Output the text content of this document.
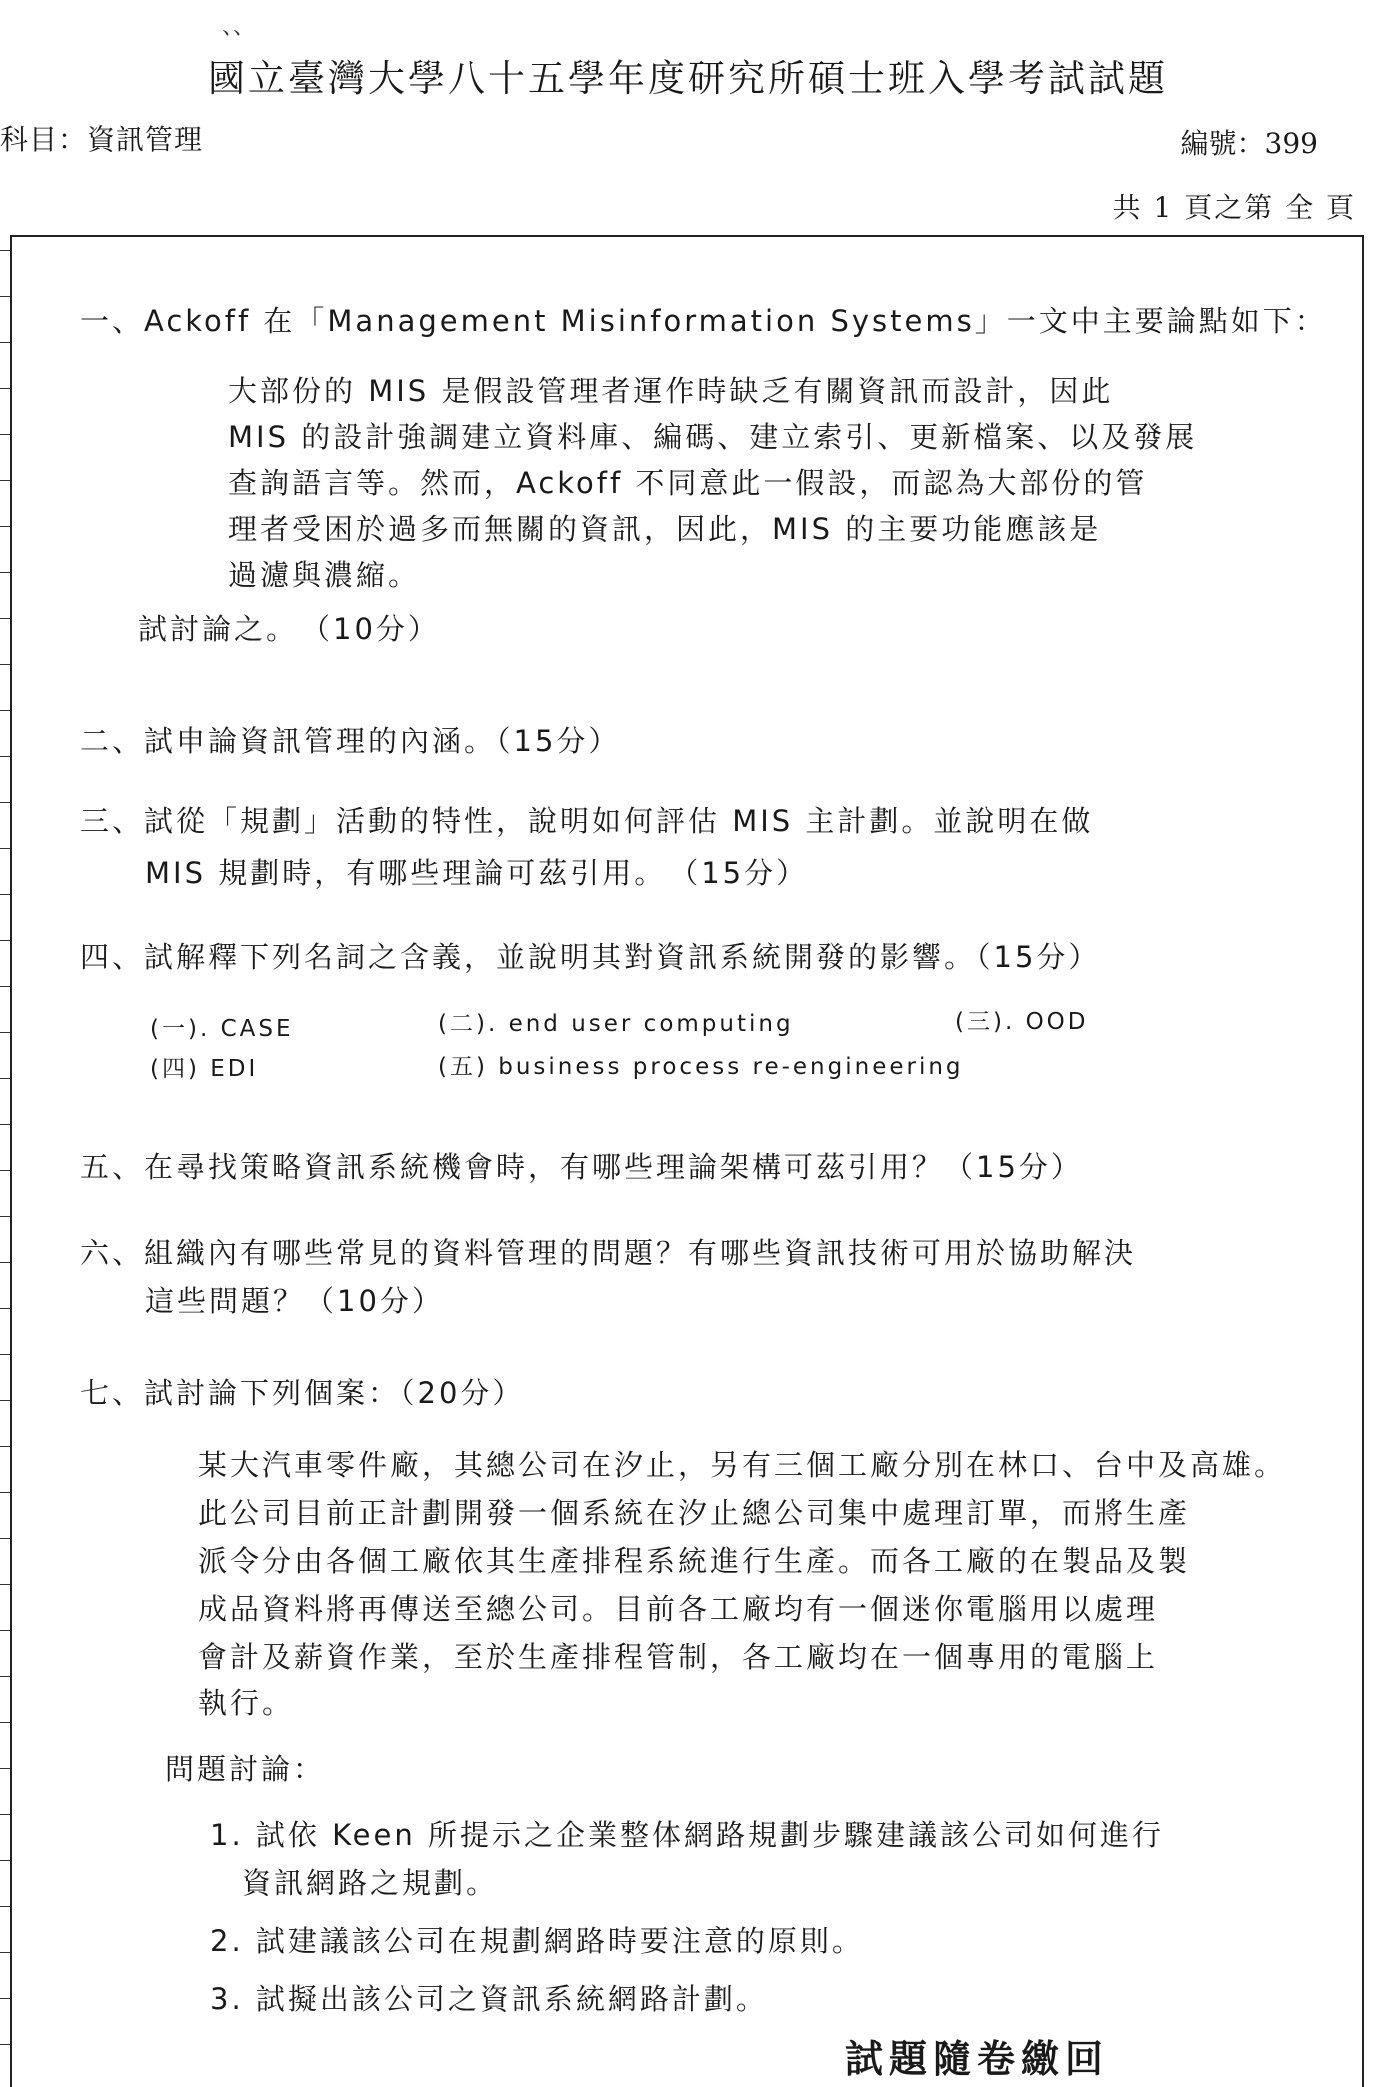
、、
國立臺灣大學八十五學年度研究所碩士班入學考試試題
科目：資訊管理	編號：399
共 1 頁之第 全 頁
一、Ackoff 在「Management Misinformation Systems」一文中主要論點如下：
大部份的 MIS 是假設管理者運作時缺乏有關資訊而設計，因此
MIS 的設計強調建立資料庫、編碼、建立索引、更新檔案、以及發展
查詢語言等。然而，Ackoff 不同意此一假設，而認為大部份的管
理者受困於過多而無關的資訊，因此，MIS 的主要功能應該是
過濾與濃縮。
試討論之。　（10分）
二、試申論資訊管理的內涵。（15分）
三、試從「規劃」活動的特性，說明如何評估 MIS 主計劃。並說明在做
MIS 規劃時，有哪些理論可茲引用。　（15分）
四、試解釋下列名詞之含義，並說明其對資訊系統開發的影響。（15分）
(一). CASE	(二). end user computing	(三). OOD
(四) EDI	(五) business process re-engineering
五、在尋找策略資訊系統機會時，有哪些理論架構可茲引用？（15分）
六、組織內有哪些常見的資料管理的問題？有哪些資訊技術可用於協助解決
這些問題？（10分）
七、試討論下列個案：（20分）
某大汽車零件廠，其總公司在汐止，另有三個工廠分別在林口、台中及高雄。
此公司目前正計劃開發一個系統在汐止總公司集中處理訂單，而將生產
派令分由各個工廠依其生產排程系統進行生產。而各工廠的在製品及製
成品資料將再傳送至總公司。目前各工廠均有一個迷你電腦用以處理
會計及薪資作業，至於生產排程管制，各工廠均在一個專用的電腦上
執行。
問題討論：
1. 試依 Keen 所提示之企業整体網路規劃步驟建議該公司如何進行
資訊網路之規劃。
2. 試建議該公司在規劃網路時要注意的原則。
3. 試擬出該公司之資訊系統網路計劃。
試題隨卷繳回
